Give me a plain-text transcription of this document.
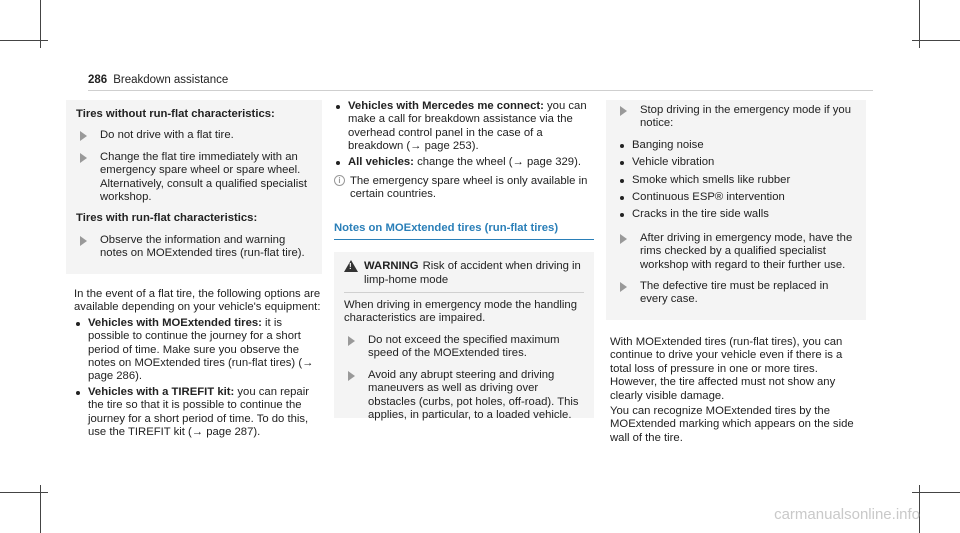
286 Breakdown assistance
Tires without run-flat characteristics:
Do not drive with a flat tire.
Change the flat tire immediately with an emergency spare wheel or spare wheel. Alternatively, consult a qualified specialist workshop.
Tires with run-flat characteristics:
Observe the information and warning notes on MOExtended tires (run-flat tire).

In the event of a flat tire, the following options are available depending on your vehicle's equipment:

Vehicles with MOExtended tires: it is possible to continue the journey for a short period of time. Make sure you observe the notes on MOExtended tires (run-flat tires) (→ page 286).
Vehicles with a TIREFIT kit: you can repair the tire so that it is possible to continue the journey for a short period of time. To do this, use the TIREFIT kit (→ page 287).
Vehicles with Mercedes me connect: you can make a call for breakdown assistance via the overhead control panel in the case of a breakdown (→ page 253).
All vehicles: change the wheel (→ page 329).
i The emergency spare wheel is only available in certain countries.
Notes on MOExtended tires (run-flat tires)
!
WARNING Risk of accident when driving in limp-home mode

When driving in emergency mode the handling characteristics are impaired.

Do not exceed the specified maximum speed of the MOExtended tires.
Avoid any abrupt steering and driving maneuvers as well as driving over obstacles (curbs, pot holes, off-road). This applies, in particular, to a loaded vehicle.
Stop driving in the emergency mode if you notice:
Banging noise
Vehicle vibration
Smoke which smells like rubber
Continuous ESP® intervention
Cracks in the tire side walls
After driving in emergency mode, have the rims checked by a qualified specialist workshop with regard to their further use.
The defective tire must be replaced in every case.

With MOExtended tires (run-flat tires), you can continue to drive your vehicle even if there is a total loss of pressure in one or more tires. However, the tire affected must not show any clearly visible damage.

You can recognize MOExtended tires by the MOExtended marking which appears on the side wall of the tire.

carmanualsonline.info
